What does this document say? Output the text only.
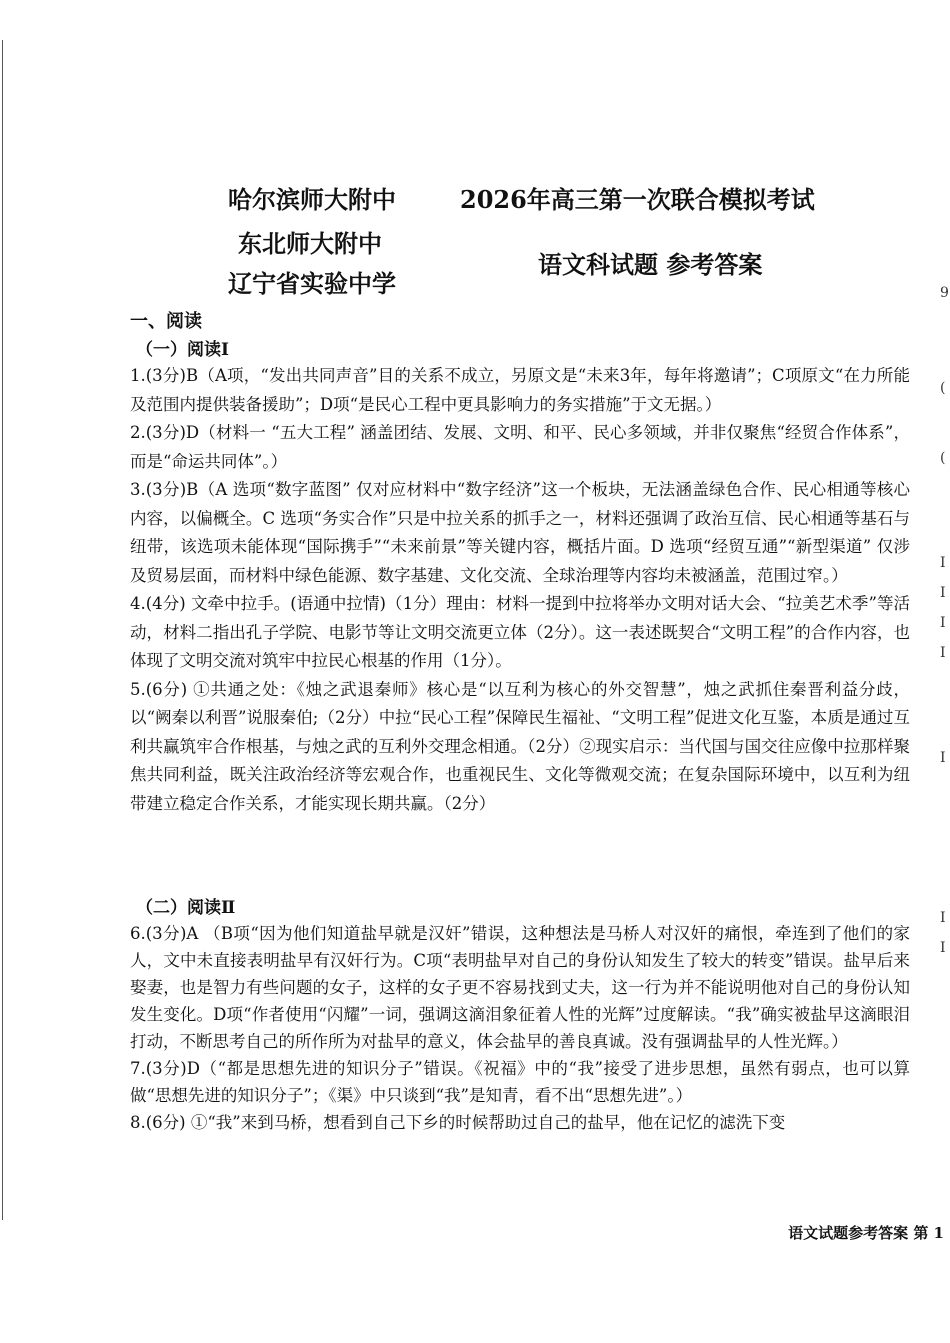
哈尔滨师大附中
东北师大附中
辽宁省实验中学
2026年高三第一次联合模拟考试
语文科试题 参考答案
一、阅读
（一）阅读Ⅰ

1.(3分)B（A项，“发出共同声音”目的关系不成立，另原文是“未来3年，每年将邀请”；C项原文“在力所能及范围内提供装备援助”；D项“是民心工程中更具影响力的务实措施”于文无据。）

2.(3分)D（材料一 “五大工程” 涵盖团结、发展、文明、和平、民心多领域，并非仅聚焦“经贸合作体系”，而是“命运共同体”。）

3.(3分)B（A 选项“数字蓝图” 仅对应材料中“数字经济”这一个板块，无法涵盖绿色合作、民心相通等核心内容，以偏概全。C 选项“务实合作”只是中拉关系的抓手之一，材料还强调了政治互信、民心相通等基石与纽带，该选项未能体现“国际携手”“未来前景”等关键内容，概括片面。D 选项“经贸互通”“新型渠道” 仅涉及贸易层面，而材料中绿色能源、数字基建、文化交流、全球治理等内容均未被涵盖，范围过窄。）

4.(4分) 文牵中拉手。(语通中拉情)（1分）理由：材料一提到中拉将举办文明对话大会、“拉美艺术季”等活动，材料二指出孔子学院、电影节等让文明交流更立体（2分）。这一表述既契合“文明工程”的合作内容，也体现了文明交流对筑牢中拉民心根基的作用（1分）。

5.(6分) ①共通之处：《烛之武退秦师》核心是“以互利为核心的外交智慧”，烛之武抓住秦晋利益分歧，以“阙秦以利晋”说服秦伯;（2分）中拉“民心工程”保障民生福祉、“文明工程”促进文化互鉴，本质是通过互利共赢筑牢合作根基，与烛之武的互利外交理念相通。（2分）②现实启示：当代国与国交往应像中拉那样聚焦共同利益，既关注政治经济等宏观合作，也重视民生、文化等微观交流；在复杂国际环境中，以互利为纽带建立稳定合作关系，才能实现长期共赢。（2分）

（二）阅读Ⅱ

6.(3分)A （B项“因为他们知道盐早就是汉奸”错误，这种想法是马桥人对汉奸的痛恨，牵连到了他们的家人，文中未直接表明盐早有汉奸行为。C项“表明盐早对自己的身份认知发生了较大的转变”错误。盐早后来娶妻，也是智力有些问题的女子，这样的女子更不容易找到丈夫，这一行为并不能说明他对自己的身份认知发生变化。D项“作者使用“闪耀”一词，强调这滴泪象征着人性的光辉”过度解读。“我”确实被盐早这滴眼泪打动，不断思考自己的所作所为对盐早的意义，体会盐早的善良真诚。没有强调盐早的人性光辉。）

7.(3分)D（“都是思想先进的知识分子”错误。《祝福》中的“我”接受了进步思想，虽然有弱点，也可以算做“思想先进的知识分子”；《渠》中只谈到“我”是知青，看不出“思想先进”。）

8.(6分) ①“我”来到马桥，想看到自己下乡的时候帮助过自己的盐早，他在记忆的滤洗下变

语文试题参考答案 第 1
9
(
(
I
I
I
I
I
I
I
